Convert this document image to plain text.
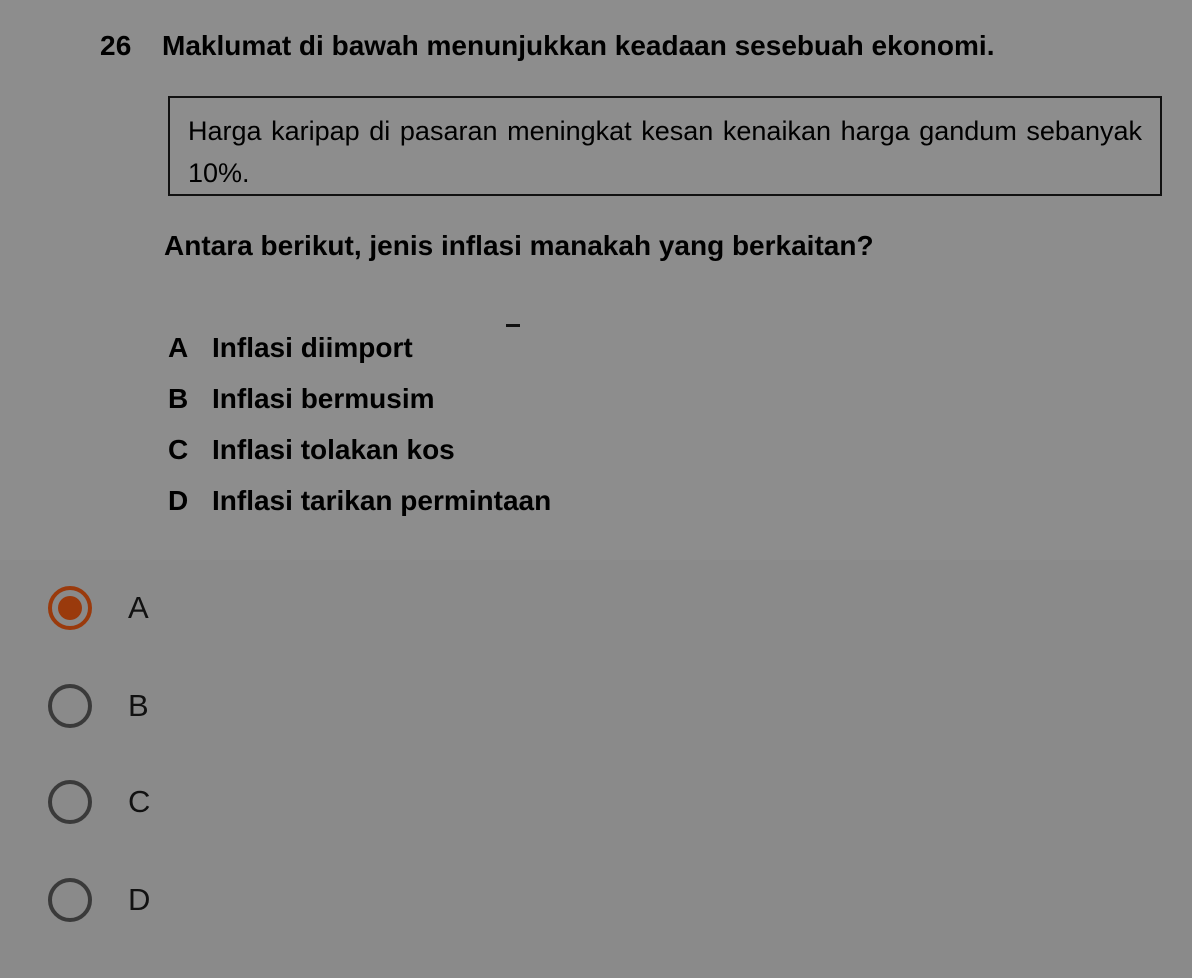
26 Maklumat di bawah menunjukkan keadaan sesebuah ekonomi.
Harga karipap di pasaran meningkat kesan kenaikan harga gandum sebanyak 10%.
Antara berikut, jenis inflasi manakah yang berkaitan?
A Inflasi diimport
B Inflasi bermusim
C Inflasi tolakan kos
D Inflasi tarikan permintaan
A
B
C
D
